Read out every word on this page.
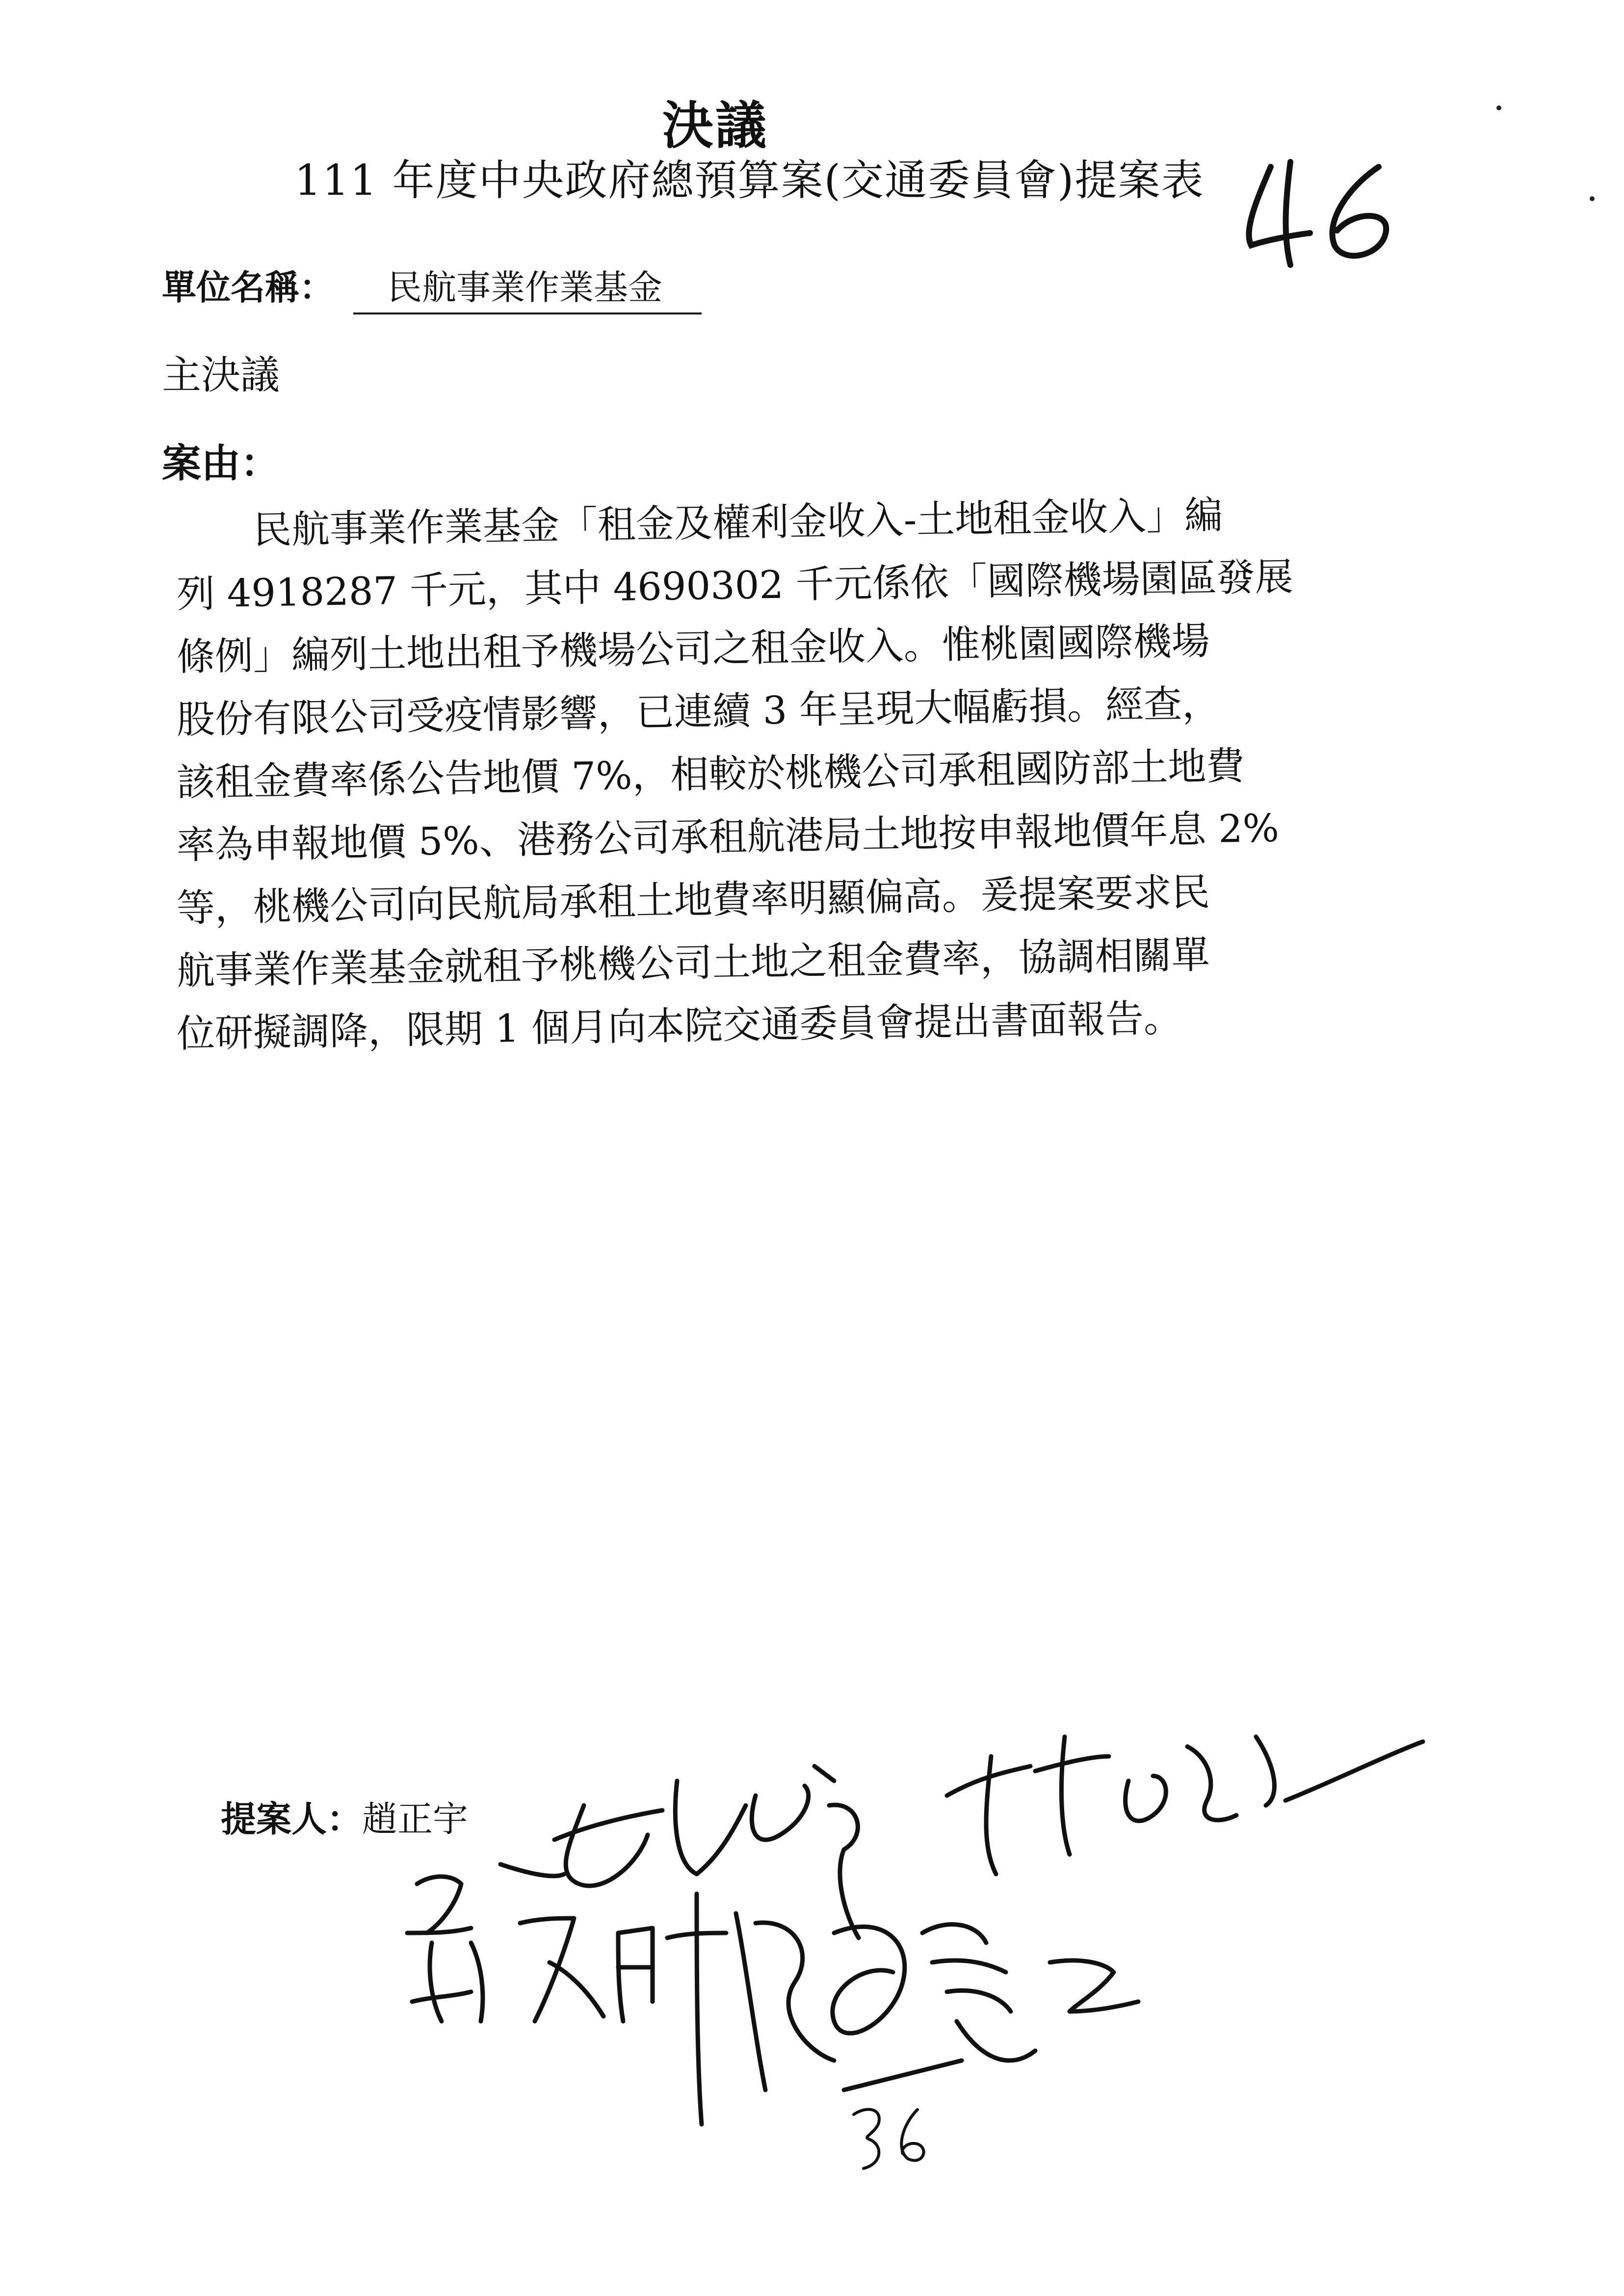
決議
111 年度中央政府總預算案(交通委員會)提案表
單位名稱： 民航事業作業基金
主決議
案由：
　　民航事業作業基金「租金及權利金收入-土地租金收入」編
列 4918287 千元，其中 4690302 千元係依「國際機場園區發展
條例」編列土地出租予機場公司之租金收入。惟桃園國際機場
股份有限公司受疫情影響，已連續 3 年呈現大幅虧損。經查，
該租金費率係公告地價 7%，相較於桃機公司承租國防部土地費
率為申報地價 5%、港務公司承租航港局土地按申報地價年息 2%
等，桃機公司向民航局承租土地費率明顯偏高。爰提案要求民
航事業作業基金就租予桃機公司土地之租金費率，協調相關單
位研擬調降，限期 1 個月向本院交通委員會提出書面報告。
提案人：趙正宇
